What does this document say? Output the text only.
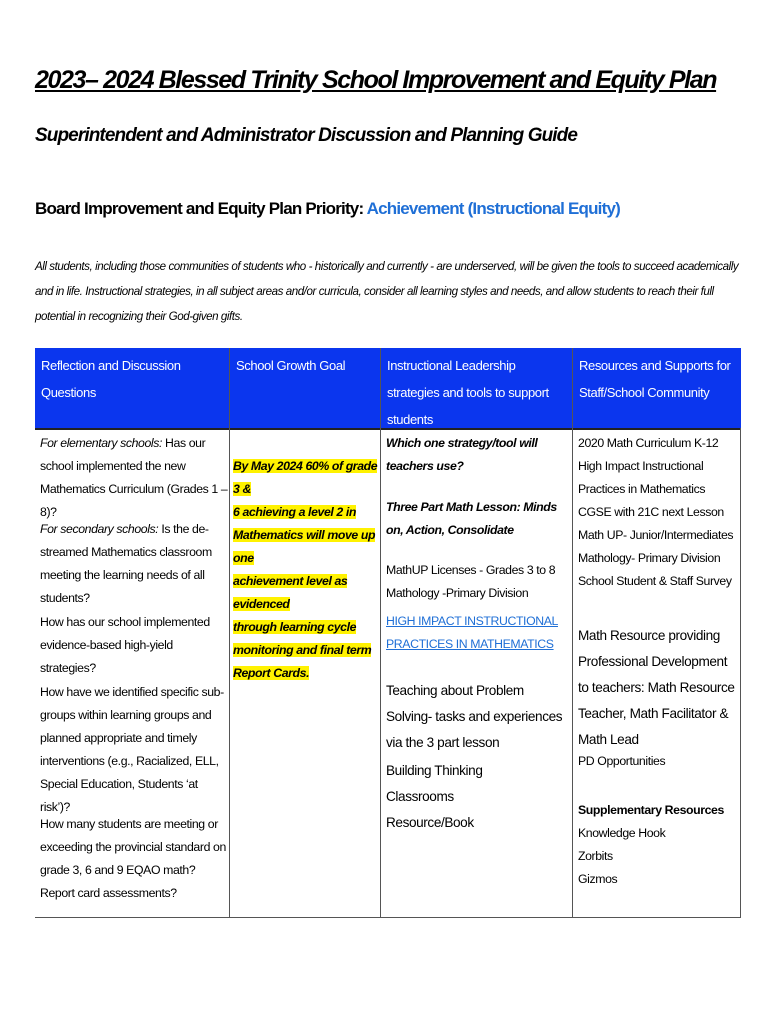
2023– 2024 Blessed Trinity School Improvement and Equity Plan
Superintendent and Administrator Discussion and Planning Guide
Board Improvement and Equity Plan Priority: Achievement (Instructional Equity)
All students, including those communities of students who - historically and currently - are underserved, will be given the tools to succeed academically and in life. Instructional strategies, in all subject areas and/or curricula, consider all learning styles and needs, and allow students to reach their full potential in recognizing their God-given gifts.
Reflection and Discussion Questions
School Growth Goal	Instructional Leadership strategies and tools to support students
Resources and Supports for Staff/School Community
For elementary schools: Has our school implemented the new Mathematics Curriculum (Grades 1 – 8)?
For secondary schools: Is the de-streamed Mathematics classroom meeting the learning needs of all students?
How has our school implemented evidence-based high-yield strategies?
How have we identified specific sub-groups within learning groups and planned appropriate and timely interventions (e.g., Racialized, ELL, Special Education, Students ‘at risk’)?
How many students are meeting or exceeding the provincial standard on grade 3, 6 and 9 EQAO math? Report card assessments?
By May 2024 60% of grade 3 &
6 achieving a level 2 in
Mathematics will move up one
achievement level as evidenced
through learning cycle
monitoring and final term
Report Cards.
Which one strategy/tool will teachers use?
Three Part Math Lesson: Minds on, Action, Consolidate
MathUP Licenses - Grades 3 to 8 Mathology -Primary Division
HIGH IMPACT INSTRUCTIONAL PRACTICES IN MATHEMATICS
Teaching about Problem Solving- tasks and experiences via the 3 part lesson
Building Thinking Classrooms Resource/Book
2020 Math Curriculum K-12
High Impact Instructional Practices in Mathematics
CGSE with 21C next Lesson
Math UP- Junior/Intermediates
Mathology- Primary Division
School Student & Staff Survey
Math Resource providing Professional Development to teachers: Math Resource Teacher, Math Facilitator & Math Lead
PD Opportunities
Supplementary Resources
Knowledge Hook
Zorbits
Gizmos
